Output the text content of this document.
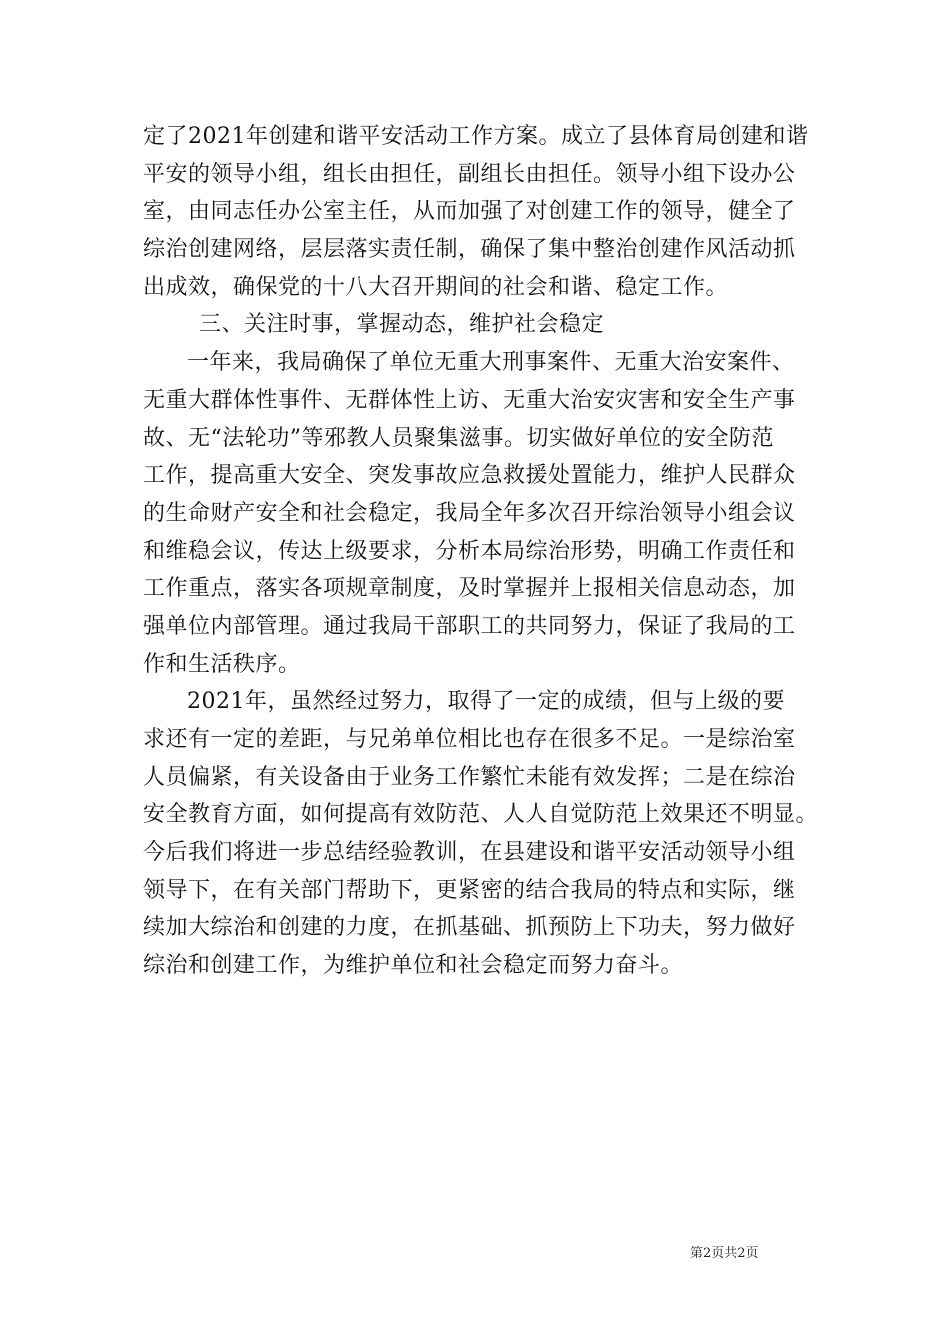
定了2021年创建和谐平安活动工作方案。成立了县体育局创建和谐
平安的领导小组，组长由担任，副组长由担任。领导小组下设办公
室，由同志任办公室主任，从而加强了对创建工作的领导，健全了
综治创建网络，层层落实责任制，确保了集中整治创建作风活动抓
出成效，确保党的十八大召开期间的社会和谐、稳定工作。
三、关注时事，掌握动态，维护社会稳定
一年来，我局确保了单位无重大刑事案件、无重大治安案件、
无重大群体性事件、无群体性上访、无重大治安灾害和安全生产事
故、无“法轮功”等邪教人员聚集滋事。切实做好单位的安全防范
工作，提高重大安全、突发事故应急救援处置能力，维护人民群众
的生命财产安全和社会稳定，我局全年多次召开综治领导小组会议
和维稳会议，传达上级要求，分析本局综治形势，明确工作责任和
工作重点，落实各项规章制度，及时掌握并上报相关信息动态，加
强单位内部管理。通过我局干部职工的共同努力，保证了我局的工
作和生活秩序。
2021年，虽然经过努力，取得了一定的成绩，但与上级的要
求还有一定的差距，与兄弟单位相比也存在很多不足。一是综治室
人员偏紧，有关设备由于业务工作繁忙未能有效发挥；二是在综治
安全教育方面，如何提高有效防范、人人自觉防范上效果还不明显。
今后我们将进一步总结经验教训，在县建设和谐平安活动领导小组
领导下，在有关部门帮助下，更紧密的结合我局的特点和实际，继
续加大综治和创建的力度，在抓基础、抓预防上下功夫，努力做好
综治和创建工作，为维护单位和社会稳定而努力奋斗。
第2页共2页
